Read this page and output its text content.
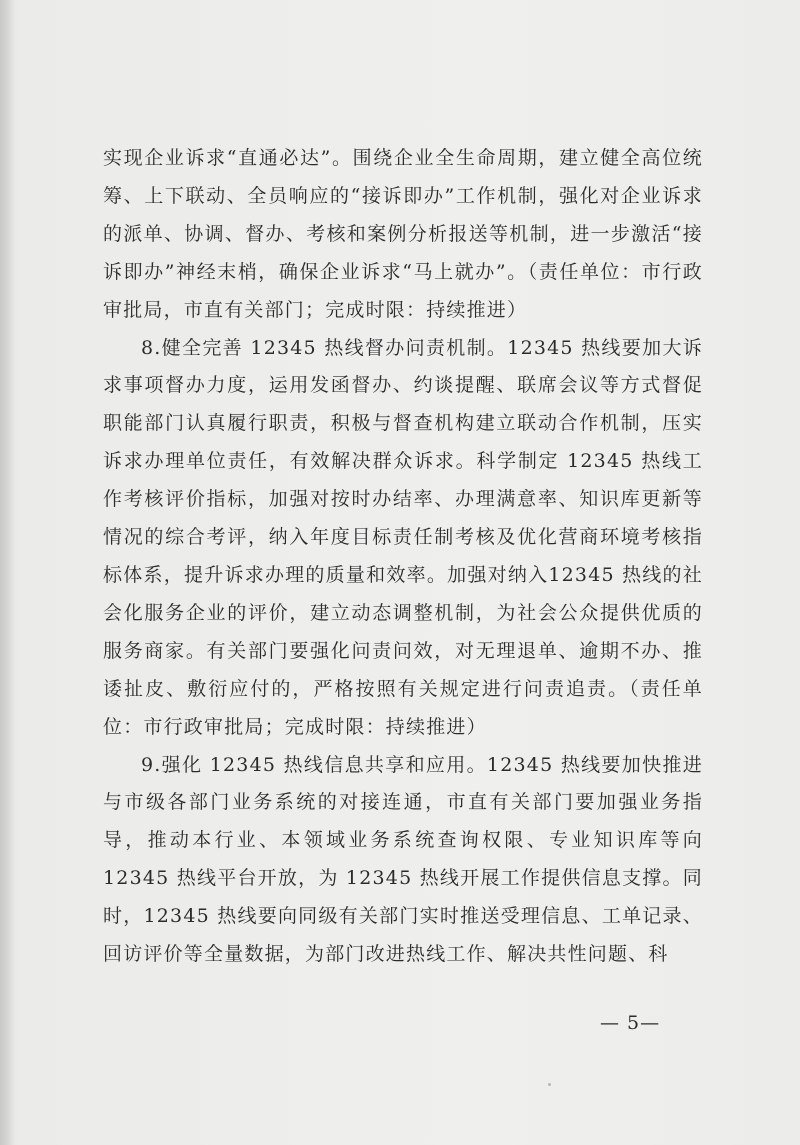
实现企业诉求“直通必达”。围绕企业全生命周期，建立健全高位统筹、上下联动、全员响应的“接诉即办”工作机制，强化对企业诉求的派单、协调、督办、考核和案例分析报送等机制，进一步激活“接诉即办”神经末梢，确保企业诉求“马上就办”。（责任单位：市行政审批局，市直有关部门；完成时限：持续推进）

8.健全完善 12345 热线督办问责机制。12345 热线要加大诉求事项督办力度，运用发函督办、约谈提醒、联席会议等方式督促职能部门认真履行职责，积极与督查机构建立联动合作机制，压实诉求办理单位责任，有效解决群众诉求。科学制定 12345 热线工作考核评价指标，加强对按时办结率、办理满意率、知识库更新等情况的综合考评，纳入年度目标责任制考核及优化营商环境考核指标体系，提升诉求办理的质量和效率。加强对纳入12345 热线的社会化服务企业的评价，建立动态调整机制，为社会公众提供优质的服务商家。有关部门要强化问责问效，对无理退单、逾期不办、推诿扯皮、敷衍应付的，严格按照有关规定进行问责追责。（责任单位：市行政审批局；完成时限：持续推进）

9.强化 12345 热线信息共享和应用。12345 热线要加快推进与市级各部门业务系统的对接连通，市直有关部门要加强业务指导，推动本行业、本领域业务系统查询权限、专业知识库等向12345 热线平台开放，为 12345 热线开展工作提供信息支撑。同时，12345 热线要向同级有关部门实时推送受理信息、工单记录、回访评价等全量数据，为部门改进热线工作、解决共性问题、科

— 5—
